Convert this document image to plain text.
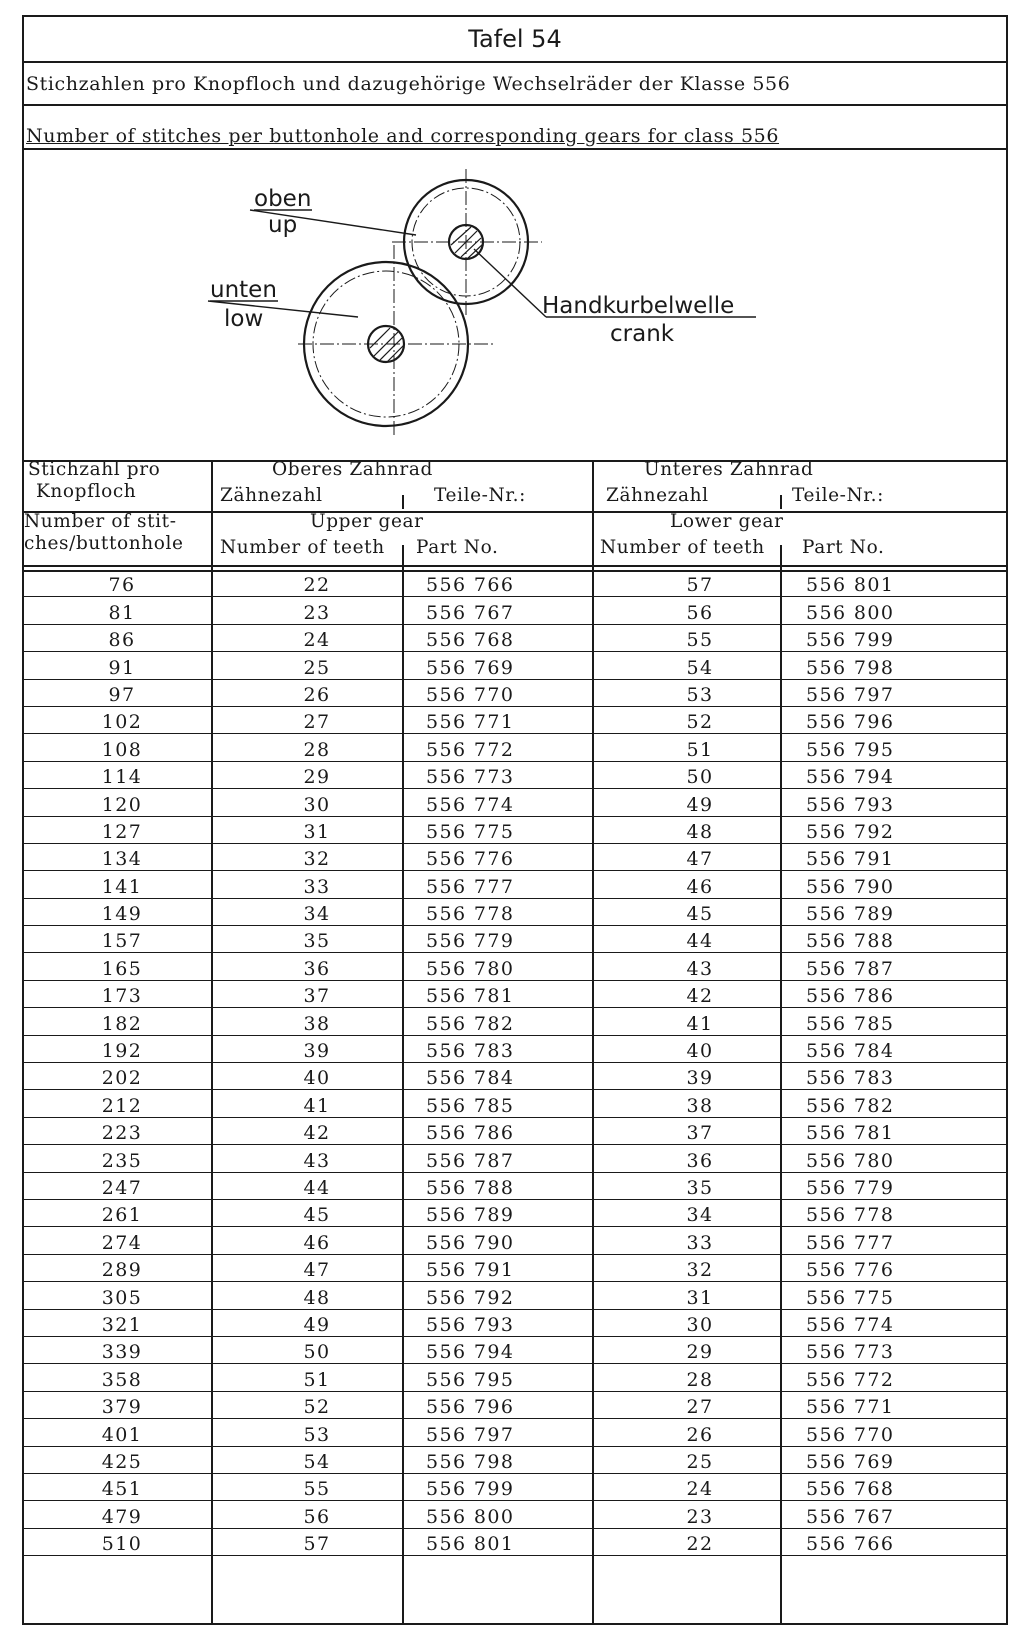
Tafel 54
Stichzahlen pro Knopfloch und dazugehörige Wechselräder der Klasse 556
Number of stitches per buttonhole and corresponding gears for class 556
oben
up
unten
low	Handkurbelwelle
crank
Stichzahl pro
Knopfloch
Number of stit-
ches/buttonhole
Oberes Zahnrad
Zähnezahl	Teile-Nr.:
Upper gear
Number of teeth Part No.
Unteres Zahnrad
Zähnezahl	Teile-Nr.:
Lower gear
Number of teeth Part No.
76	22	556 766	57	556 801
81	23	556 767	56	556 800
86	24	556 768	55	556 799
91	25	556 769	54	556 798
97	26	556 770	53	556 797
102	27	556 771	52	556 796
108	28	556 772	51	556 795
114	29	556 773	50	556 794
120	30	556 774	49	556 793
127	31	556 775	48	556 792
134	32	556 776	47	556 791
141	33	556 777	46	556 790
149	34	556 778	45	556 789
157	35	556 779	44	556 788
165	36	556 780	43	556 787
173	37	556 781	42	556 786
182	38	556 782	41	556 785
192	39	556 783	40	556 784
202	40	556 784	39	556 783
212	41	556 785	38	556 782
223	42	556 786	37	556 781
235	43	556 787	36	556 780
247	44	556 788	35	556 779
261	45	556 789	34	556 778
274	46	556 790	33	556 777
289	47	556 791	32	556 776
305	48	556 792	31	556 775
321	49	556 793	30	556 774
339	50	556 794	29	556 773
358	51	556 795	28	556 772
379	52	556 796	27	556 771
401	53	556 797	26	556 770
425	54	556 798	25	556 769
451	55	556 799	24	556 768
479	56	556 800	23	556 767
510	57	556 801	22	556 766
